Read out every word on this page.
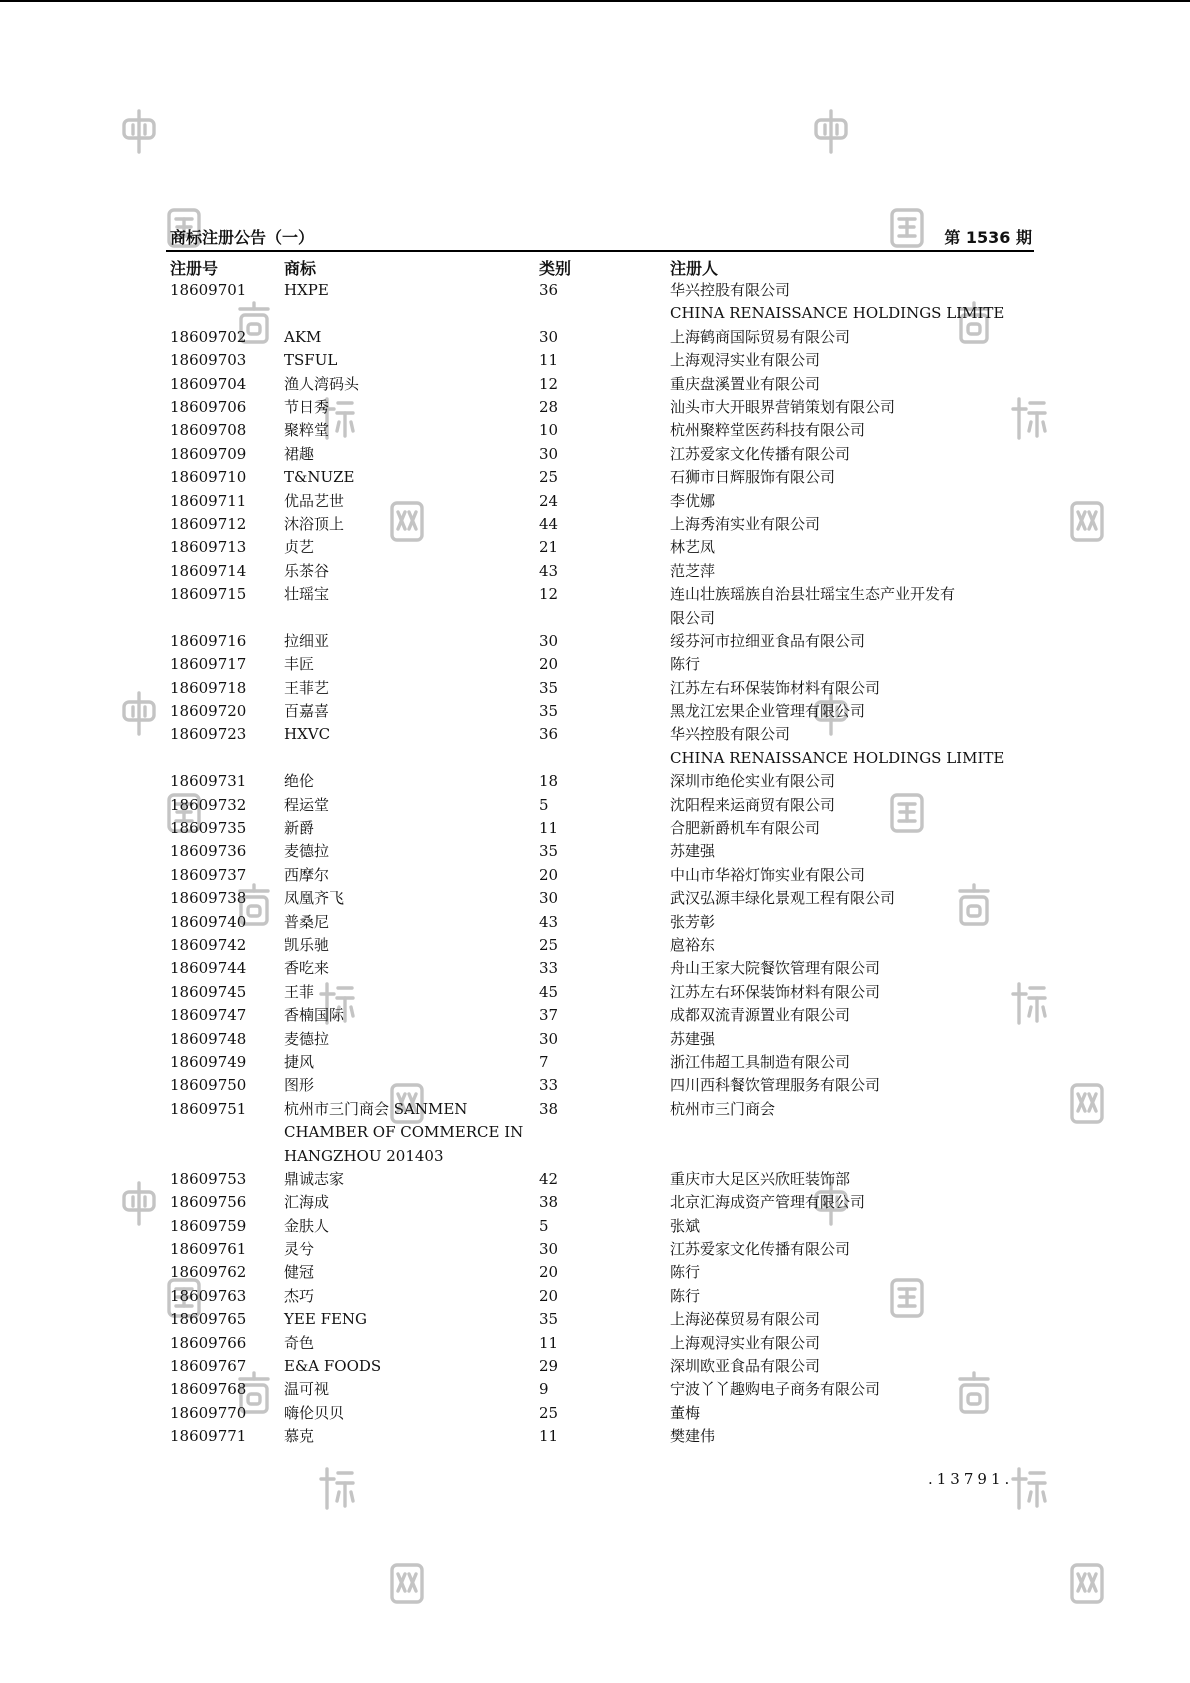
商标注册公告（一）	第 1536 期
注册号	商标	类别	注册人
18609701	HXPE	36	华兴控股有限公司
CHINA RENAISSANCE HOLDINGS LIMITE
18609702	AKM	30	上海鹤商国际贸易有限公司
18609703	TSFUL	11	上海观浔实业有限公司
18609704	渔人湾码头	12	重庆盘溪置业有限公司
18609706	节日秀	28	汕头市大开眼界营销策划有限公司
18609708	聚粹堂	10	杭州聚粹堂医药科技有限公司
18609709	裙趣	30	江苏爱家文化传播有限公司
18609710	T&NUZE	25	石狮市日辉服饰有限公司
18609711	优品艺世	24	李优娜
18609712	沐浴顶上	44	上海秀洧实业有限公司
18609713	贞艺	21	林艺凤
18609714	乐茶谷	43	范芝萍
18609715	壮瑶宝	12	连山壮族瑶族自治县壮瑶宝生态产业开发有
限公司
18609716	拉细亚	30	绥芬河市拉细亚食品有限公司
18609717	丰匠	20	陈行
18609718	王菲艺	35	江苏左右环保装饰材料有限公司
18609720	百嘉喜	35	黑龙江宏果企业管理有限公司
18609723	HXVC	36	华兴控股有限公司
CHINA RENAISSANCE HOLDINGS LIMITE
18609731	绝伦	18	深圳市绝伦实业有限公司
18609732	程运堂	5	沈阳程来运商贸有限公司
18609735	新爵	11	合肥新爵机车有限公司
18609736	麦德拉	35	苏建强
18609737	西摩尔	20	中山市华裕灯饰实业有限公司
18609738	凤凰齐飞	30	武汉弘源丰绿化景观工程有限公司
18609740	普桑尼	43	张芳彰
18609742	凯乐驰	25	扈裕东
18609744	香吃来	33	舟山王家大院餐饮管理有限公司
18609745	王菲	45	江苏左右环保装饰材料有限公司
18609747	香楠国际	37	成都双流青源置业有限公司
18609748	麦德拉	30	苏建强
18609749	捷风	7	浙江伟超工具制造有限公司
18609750	图形	33	四川西科餐饮管理服务有限公司
18609751	杭州市三门商会 SANMEN
CHAMBER OF COMMERCE IN
HANGZHOU 201403
38	杭州市三门商会
18609753	鼎诚志家	42	重庆市大足区兴欣旺装饰部
18609756	汇海成	38	北京汇海成资产管理有限公司
18609759	金肤人	5	张斌
18609761	灵兮	30	江苏爱家文化传播有限公司
18609762	健冠	20	陈行
18609763	杰巧	20	陈行
18609765	YEE FENG	35	上海泌葆贸易有限公司
18609766	奇色	11	上海观浔实业有限公司
18609767	E&A FOODS	29	深圳欧亚食品有限公司
18609768	温可视	9	宁波丫丫趣购电子商务有限公司
18609770	嗨伦贝贝	25	董梅
18609771	慕克	11	樊建伟
.13791.
